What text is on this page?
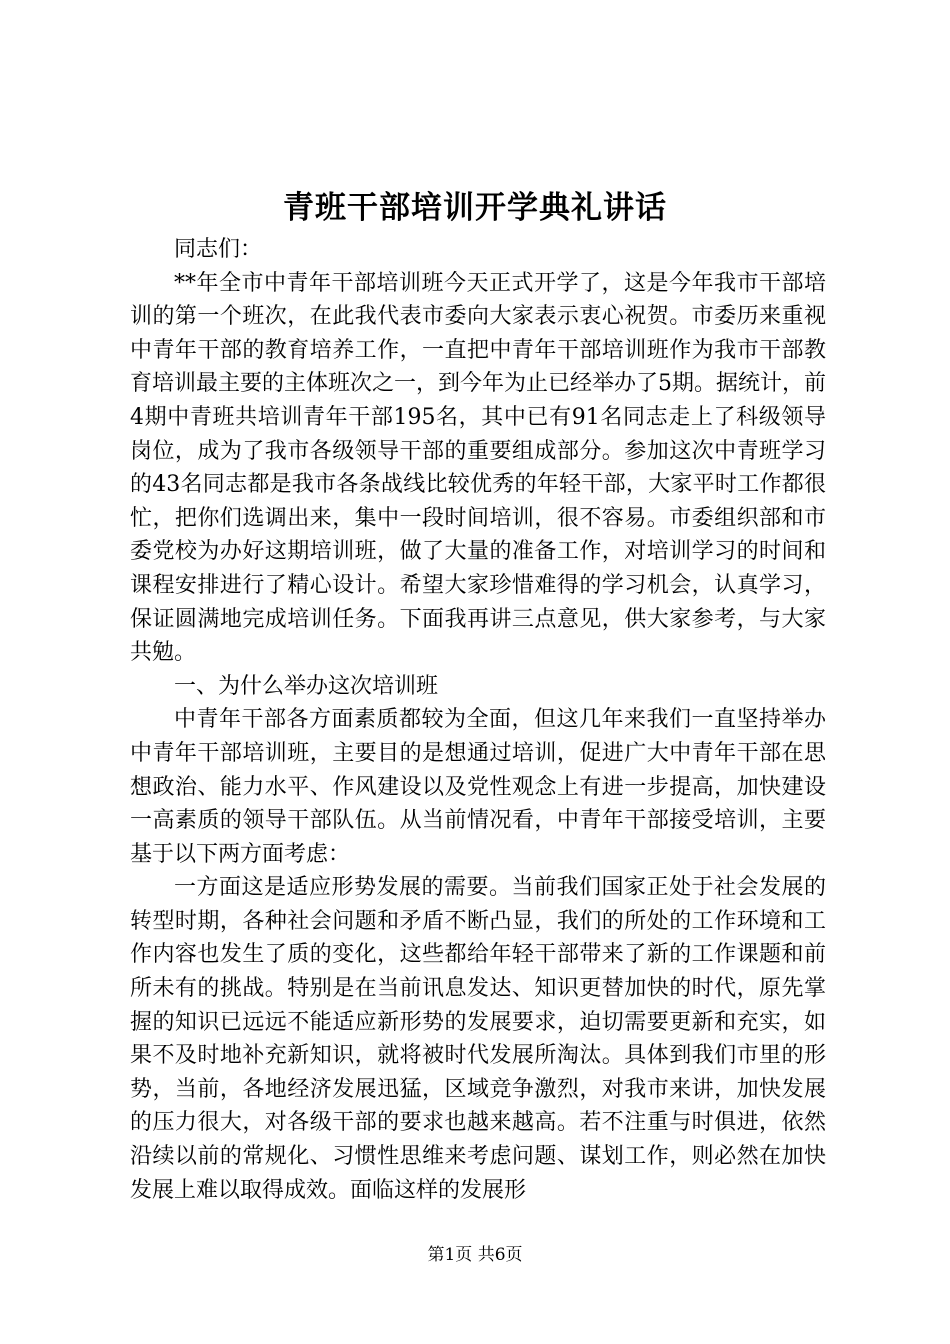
青班干部培训开学典礼讲话

同志们：

**年全市中青年干部培训班今天正式开学了，这是今年我市干部培训的第一个班次，在此我代表市委向大家表示衷心祝贺。市委历来重视中青年干部的教育培养工作，一直把中青年干部培训班作为我市干部教育培训最主要的主体班次之一，到今年为止已经举办了5期。据统计，前4期中青班共培训青年干部195名，其中已有91名同志走上了科级领导岗位，成为了我市各级领导干部的重要组成部分。参加这次中青班学习的43名同志都是我市各条战线比较优秀的年轻干部，大家平时工作都很忙，把你们选调出来，集中一段时间培训，很不容易。市委组织部和市委党校为办好这期培训班，做了大量的准备工作，对培训学习的时间和课程安排进行了精心设计。希望大家珍惜难得的学习机会，认真学习，保证圆满地完成培训任务。下面我再讲三点意见，供大家参考，与大家共勉。

一、为什么举办这次培训班

中青年干部各方面素质都较为全面，但这几年来我们一直坚持举办中青年干部培训班，主要目的是想通过培训，促进广大中青年干部在思想政治、能力水平、作风建设以及党性观念上有进一步提高，加快建设一高素质的领导干部队伍。从当前情况看，中青年干部接受培训，主要基于以下两方面考虑：

一方面这是适应形势发展的需要。当前我们国家正处于社会发展的转型时期，各种社会问题和矛盾不断凸显，我们的所处的工作环境和工作内容也发生了质的变化，这些都给年轻干部带来了新的工作课题和前所未有的挑战。特别是在当前讯息发达、知识更替加快的时代，原先掌握的知识已远远不能适应新形势的发展要求，迫切需要更新和充实，如果不及时地补充新知识，就将被时代发展所淘汰。具体到我们市里的形势，当前，各地经济发展迅猛，区域竞争激烈，对我市来讲，加快发展的压力很大，对各级干部的要求也越来越高。若不注重与时俱进，依然沿续以前的常规化、习惯性思维来考虑问题、谋划工作，则必然在加快发展上难以取得成效。面临这样的发展形

第1页 共6页
